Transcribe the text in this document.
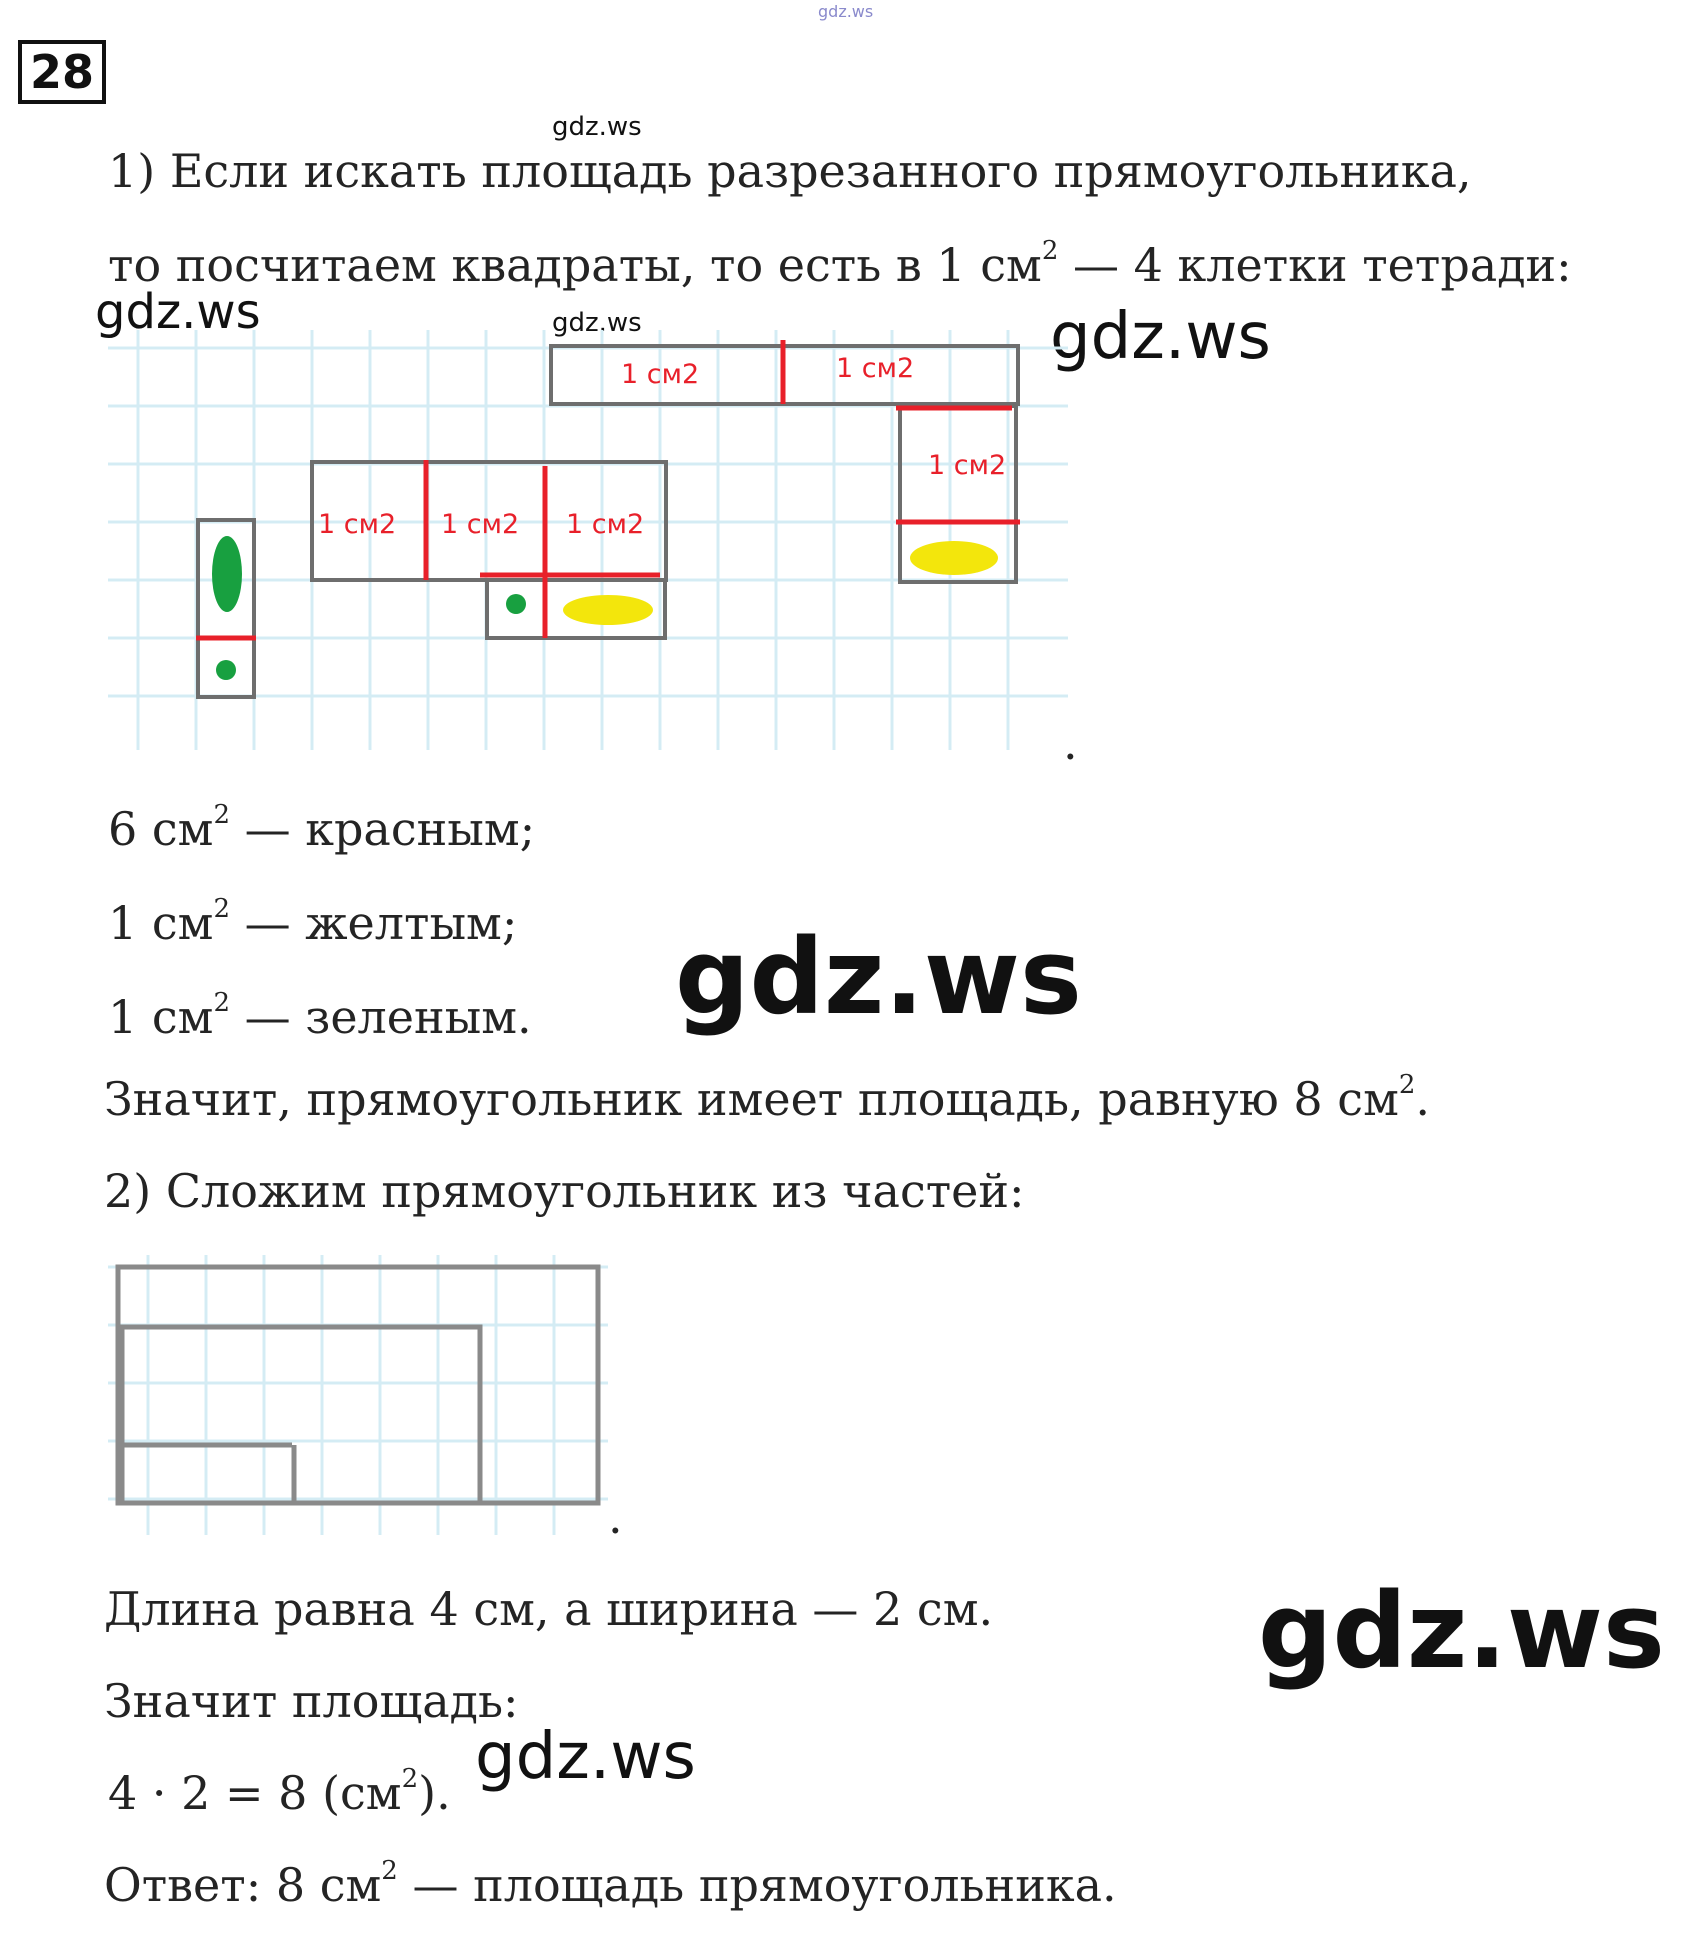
28
gdz.ws
gdz.ws
1) Если искать площадь разрезанного прямоугольника,
то посчитаем квадраты, то есть в 1 $см^2$ — 4 клетки тетради:
gdz.ws	gdz.ws	gdz.ws
1 см2	1 см2
1 см2
1 см2 1 см2 1 см2
.
6 $см^2$ — красным;
1 $см^2$ — желтым;
1 $см^2$ — зеленым. gdz.ws
Значит, прямоугольник имеет площадь, равную 8 $см^2$.
2) Сложим прямоугольник из частей:
.
Длина равна 4 см, а ширина — 2 см.	gdz.ws
Значит площадь:
4 · 2 = 8 $(см^2)$. gdz.ws
Ответ: 8 $см^2$ — площадь прямоугольника.
